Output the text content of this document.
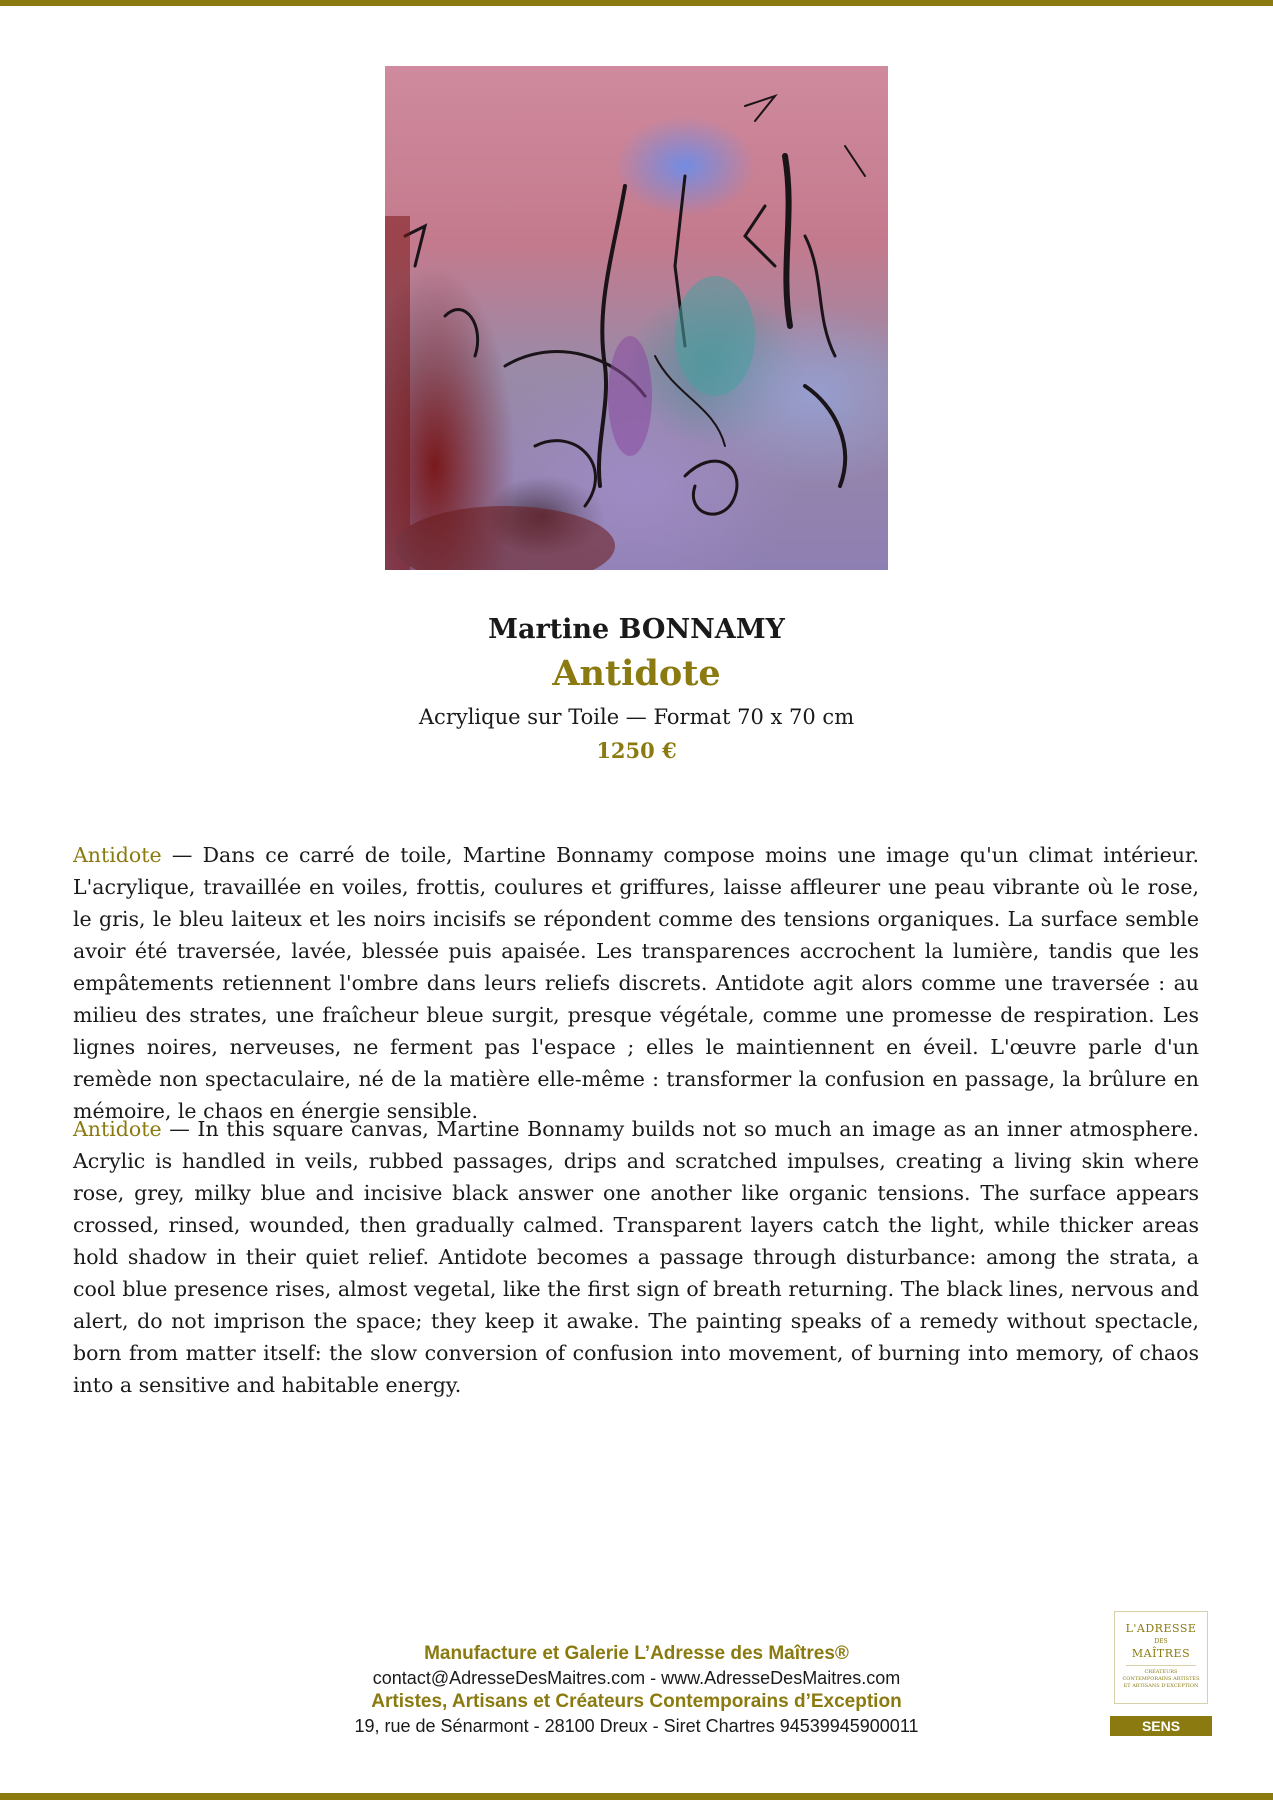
Martine BONNAMY
Antidote
Acrylique sur Toile — Format 70 x 70 cm
1250 €

Antidote — Dans ce carré de toile, Martine Bonnamy compose moins une image qu'un climat intérieur. L'acrylique, travaillée en voiles, frottis, coulures et griffures, laisse affleurer une peau vibrante où le rose, le gris, le bleu laiteux et les noirs incisifs se répondent comme des tensions organiques. La surface semble avoir été traversée, lavée, blessée puis apaisée. Les transparences accrochent la lumière, tandis que les empâtements retiennent l'ombre dans leurs reliefs discrets. Antidote agit alors comme une traversée : au milieu des strates, une fraîcheur bleue surgit, presque végétale, comme une promesse de respiration. Les lignes noires, nerveuses, ne ferment pas l'espace ; elles le maintiennent en éveil. L'œuvre parle d'un remède non spectaculaire, né de la matière elle-même : transformer la confusion en passage, la brûlure en mémoire, le chaos en énergie sensible.

Antidote — In this square canvas, Martine Bonnamy builds not so much an image as an inner atmosphere. Acrylic is handled in veils, rubbed passages, drips and scratched impulses, creating a living skin where rose, grey, milky blue and incisive black answer one another like organic tensions. The surface appears crossed, rinsed, wounded, then gradually calmed. Transparent layers catch the light, while thicker areas hold shadow in their quiet relief. Antidote becomes a passage through disturbance: among the strata, a cool blue presence rises, almost vegetal, like the first sign of breath returning. The black lines, nervous and alert, do not imprison the space; they keep it awake. The painting speaks of a remedy without spectacle, born from matter itself: the slow conversion of confusion into movement, of burning into memory, of chaos into a sensitive and habitable energy.

Manufacture et Galerie L’Adresse des Maîtres®
contact@AdresseDesMaitres.com - www.AdresseDesMaitres.com
Artistes, Artisans et Créateurs Contemporains d’Exception
19, rue de Sénarmont - 28100 Dreux - Siret Chartres 94539945900011
L'ADRESSE
DES
MAÎTRES
CRÉATEURS CONTEMPORAINS ARTISTES ET ARTISANS D'EXCEPTION
SENS
